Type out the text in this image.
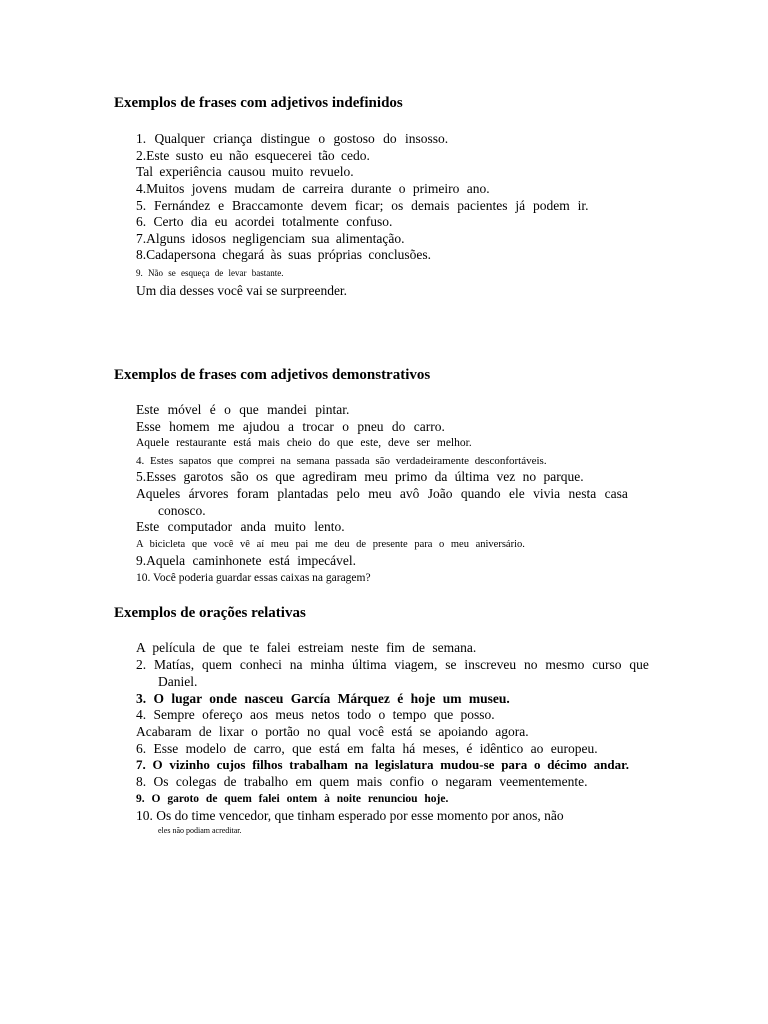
Exemplos de frases com adjetivos indefinidos

1. Qualquer criança distingue o gostoso do insosso.

2.Este susto eu não esquecerei tão cedo.

Tal experiência causou muito revuelo.

4.Muitos jovens mudam de carreira durante o primeiro ano.

5. Fernández e Braccamonte devem ficar; os demais pacientes já podem ir.

6. Certo dia eu acordei totalmente confuso.

7.Alguns idosos negligenciam sua alimentação.

8.Cadapersona chegará às suas próprias conclusões.

9. Não se esqueça de levar bastante.

Um dia desses você vai se surpreender.

Exemplos de frases com adjetivos demonstrativos

Este móvel é o que mandei pintar.

Esse homem me ajudou a trocar o pneu do carro.

Aquele restaurante está mais cheio do que este, deve ser melhor.

4. Estes sapatos que comprei na semana passada são verdadeiramente desconfortáveis.

5.Esses garotos são os que agrediram meu primo da última vez no parque.

Aqueles árvores foram plantadas pelo meu avô João quando ele vivia nesta casa

conosco.

Este computador anda muito lento.

A bicicleta que você vê aí meu pai me deu de presente para o meu aniversário.

9.Aquela caminhonete está impecável.

10. Você poderia guardar essas caixas na garagem?

Exemplos de orações relativas

A película de que te falei estreiam neste fim de semana.

2. Matías, quem conheci na minha última viagem, se inscreveu no mesmo curso que

Daniel.

3. O lugar onde nasceu García Márquez é hoje um museu.

4. Sempre ofereço aos meus netos todo o tempo que posso.

Acabaram de lixar o portão no qual você está se apoiando agora.

6. Esse modelo de carro, que está em falta há meses, é idêntico ao europeu.

7. O vizinho cujos filhos trabalham na legislatura mudou-se para o décimo andar.

8. Os colegas de trabalho em quem mais confio o negaram veementemente.

9. O garoto de quem falei ontem à noite renunciou hoje.

10. Os do time vencedor, que tinham esperado por esse momento por anos, não

eles não podiam acreditar.
